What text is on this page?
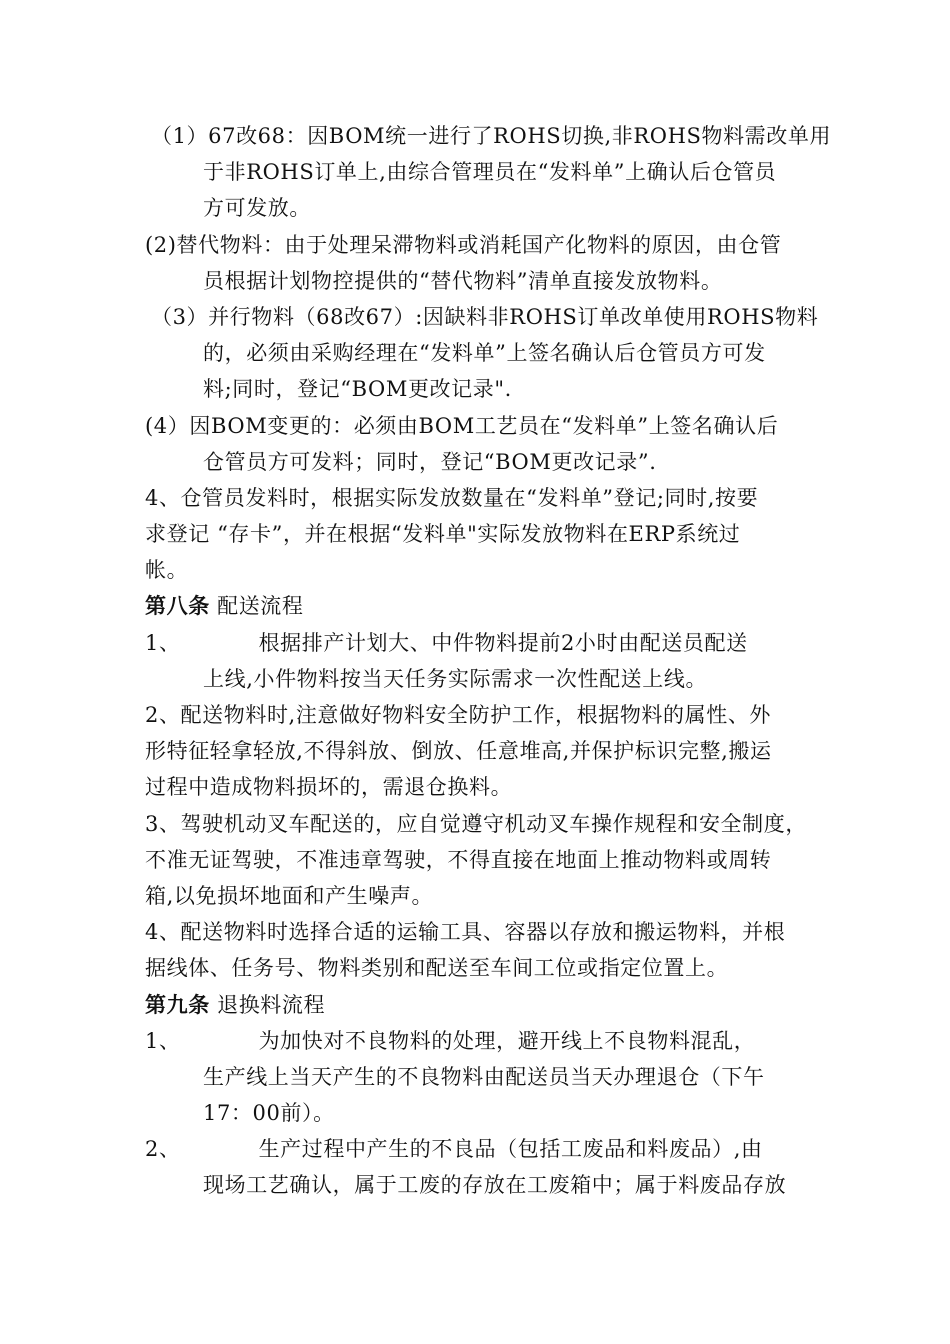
（1）67改68：因BOM统一进行了ROHS切换,非ROHS物料需改单用
于非ROHS订单上,由综合管理员在“发料单”上确认后仓管员
方可发放。
(2)替代物料：由于处理呆滞物料或消耗国产化物料的原因，由仓管
员根据计划物控提供的“替代物料”清单直接发放物料。
（3）并行物料（68改67）:因缺料非ROHS订单改单使用ROHS物料
的，必须由采购经理在“发料单”上签名确认后仓管员方可发
料;同时，登记“BOM更改记录".
(4）因BOM变更的：必须由BOM工艺员在“发料单”上签名确认后
仓管员方可发料；同时，登记“BOM更改记录”.
4、仓管员发料时，根据实际发放数量在“发料单”登记;同时,按要
求登记 “存卡”，并在根据“发料单"实际发放物料在ERP系统过
帐。
第八条 配送流程
1、	根据排产计划大、中件物料提前2小时由配送员配送
上线,小件物料按当天任务实际需求一次性配送上线。
2、配送物料时,注意做好物料安全防护工作，根据物料的属性、外
形特征轻拿轻放,不得斜放、倒放、任意堆高,并保护标识完整,搬运
过程中造成物料损坏的，需退仓换料。
3、驾驶机动叉车配送的，应自觉遵守机动叉车操作规程和安全制度，
不准无证驾驶，不准违章驾驶，不得直接在地面上推动物料或周转
箱,以免损坏地面和产生噪声。
4、配送物料时选择合适的运输工具、容器以存放和搬运物料，并根
据线体、任务号、物料类别和配送至车间工位或指定位置上。
第九条 退换料流程
1、	为加快对不良物料的处理，避开线上不良物料混乱，
生产线上当天产生的不良物料由配送员当天办理退仓（下午
17：00前）。
2、	生产过程中产生的不良品（包括工废品和料废品）,由
现场工艺确认，属于工废的存放在工废箱中；属于料废品存放
